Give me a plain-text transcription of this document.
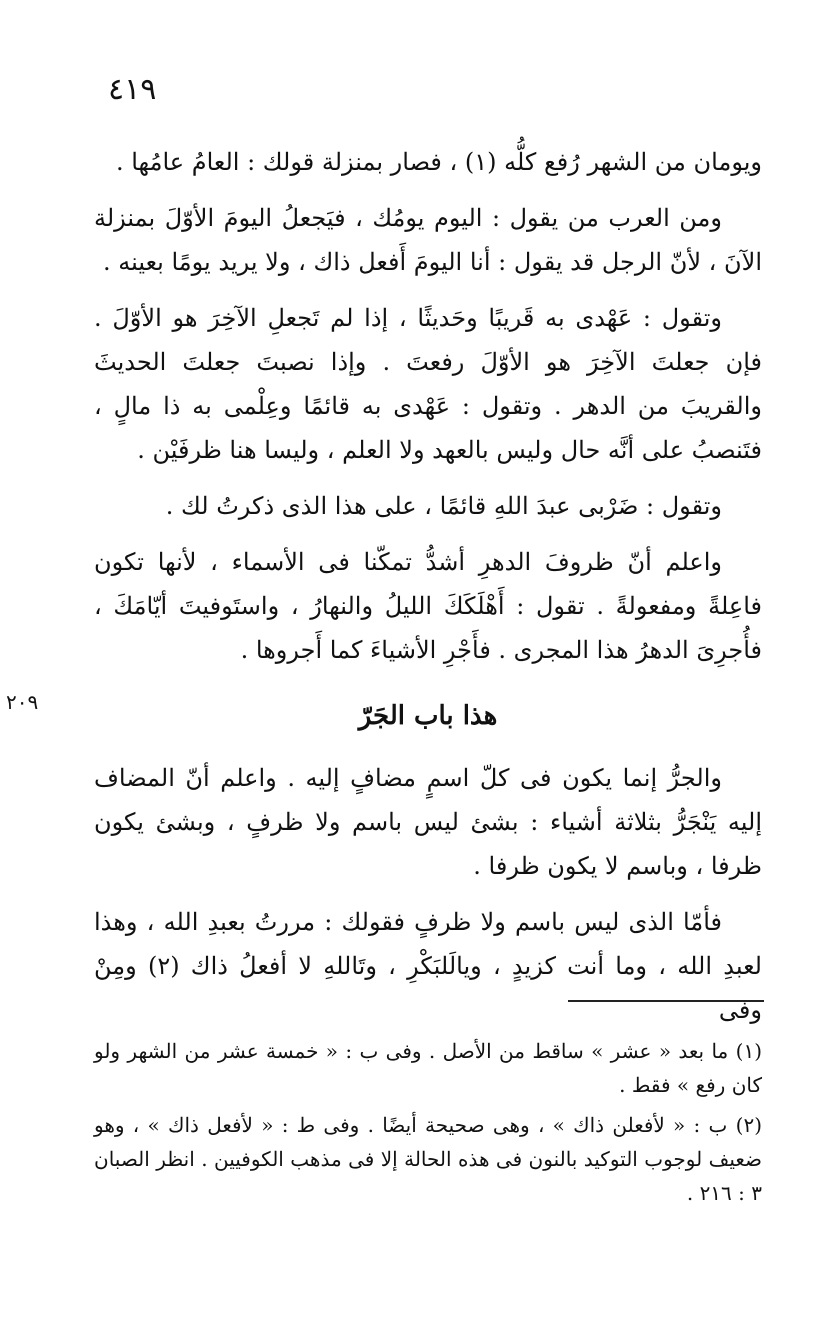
٤١٩
٢٠٩

ويومان من الشهر رُفع كلُّه (١) ، فصار بمنزلة قولك : العامُ عامُها .

ومن العرب من يقول : اليوم يومُك ، فيَجعلُ اليومَ الأوّلَ بمنزلة الآنَ ، لأنّ الرجل قد يقول : أنا اليومَ أَفعل ذاك ، ولا يريد يومًا بعينه .

وتقول : عَهْدى به قَريبًا وحَديثًا ، إذا لم تَجعلِ الآخِرَ هو الأوّلَ . فإن جعلتَ الآخِرَ هو الأوّلَ رفعتَ . وإذا نصبتَ جعلتَ الحديثَ والقريبَ من الدهر . وتقول : عَهْدى به قائمًا وعِلْمى به ذا مالٍ ، فتَنصبُ على أنَّه حال وليس بالعهد ولا العلم ، وليسا هنا ظرفَيْن .

وتقول : ضَرْبى عبدَ اللهِ قائمًا ، على هذا الذى ذكرتُ لك .

واعلم أنّ ظروفَ الدهرِ أشدُّ تمكّنا فى الأسماء ، لأنها تكون فاعِلةً ومفعولةً . تقول : أَهْلَكَكَ الليلُ والنهارُ ، واستَوفيتَ أيّامَكَ ، فأُجرِىَ الدهرُ هذا المجرى . فأَجْرِ الأشياءَ كما أَجروها .

هذا باب الجَرّ

والجرُّ إنما يكون فى كلّ اسمٍ مضافٍ إليه . واعلم أنّ المضاف إليه يَنْجَرُّ بثلاثة أشياء : بشئ ليس باسم ولا ظرفٍ ، وبشئ يكون ظرفا ، وباسم لا يكون ظرفا .

فأمّا الذى ليس باسم ولا ظرفٍ فقولك : مررتُ بعبدِ الله ، وهذا لعبدِ الله ، وما أنت كزيدٍ ، ويالَلبَكْرِ ، وتَاللهِ لا أفعلُ ذاك (٢) ومِنْ وفى

(١) ما بعد « عشر » ساقط من الأصل . وفى ب : « خمسة عشر من الشهر ولو كان رفع » فقط .

(٢) ب : « لأفعلن ذاك » ، وهى صحيحة أيضًا . وفى ط : « لأفعل ذاك » ، وهو ضعيف لوجوب التوكيد بالنون فى هذه الحالة إلا فى مذهب الكوفيين . انظر الصبان ٣ : ٢١٦ .
